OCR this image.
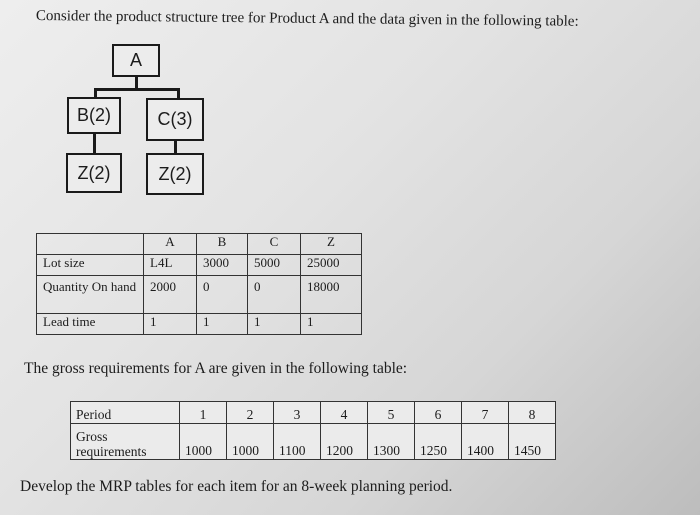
Consider the product structure tree for Product A and the data given in the following table:
A
B(2)	C(3)
Z(2)	Z(2)
	A	B	C	Z
Lot size	L4L	3000	5000	25000
Quantity On hand	2000	0	0	18000
Lead time	1	1	1	1
The gross requirements for A are given in the following table:
Period	1	2	3	4	5	6	7	8
Gross requirements	1000	1000	1100	1200	1300	1250	1400	1450
Develop the MRP tables for each item for an 8-week planning period.
